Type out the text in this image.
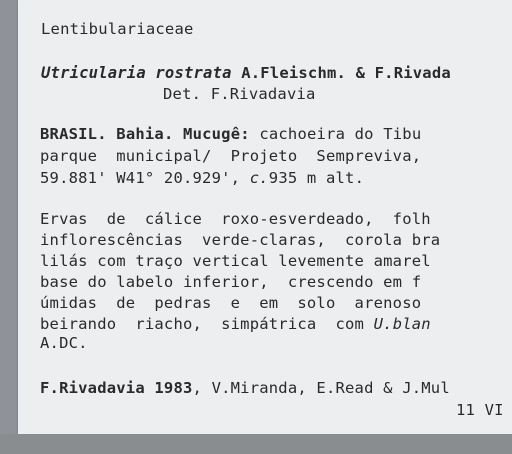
Lentibulariaceae
Utricularia rostrata A.Fleischm. & F.Rivada
Det. F.Rivadavia
BRASIL. Bahia. Mucugê: cachoeira do Tibu
parque  municipal/  Projeto  Sempreviva,
59.881' W41° 20.929', c.935 m alt.
Ervas  de  cálice  roxo-esverdeado,  folh
inflorescências  verde-claras,  corola bra
lilás com traço vertical levemente amarel
base do labelo inferior,  crescendo em f
úmidas  de  pedras  e  em  solo  arenoso
beirando  riacho,  simpátrica  com U.blan
A.DC.
F.Rivadavia 1983, V.Miranda, E.Read & J.Mul
11 VI
